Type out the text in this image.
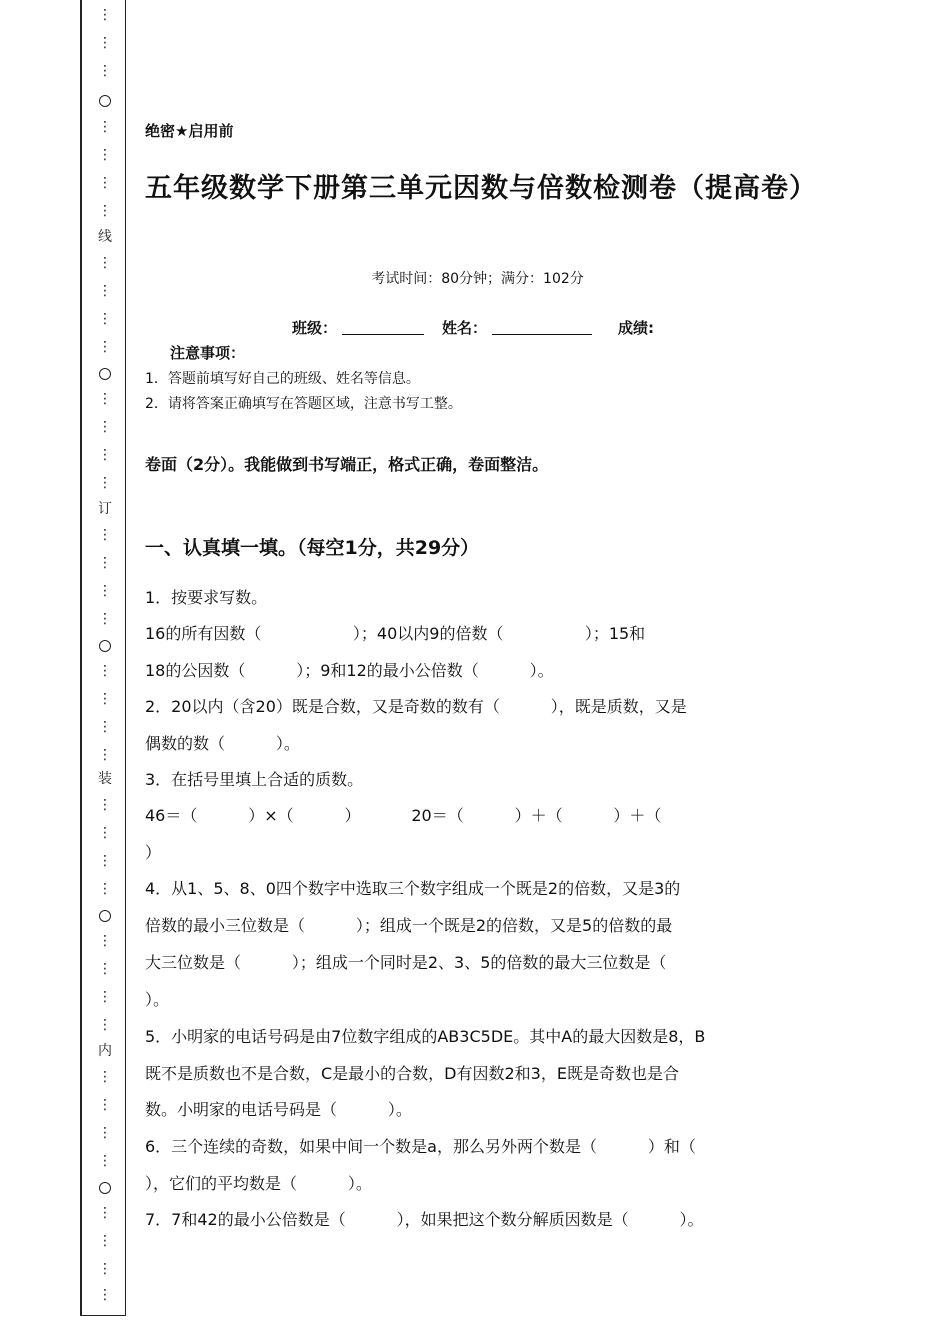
⋮
⋮
⋮
⋮
⋮
⋮
⋮
线
⋮
⋮
⋮
⋮
⋮
⋮
⋮
⋮
订
⋮
⋮
⋮
⋮
⋮
⋮
⋮
⋮
装
⋮
⋮
⋮
⋮
⋮
⋮
⋮
⋮
内
⋮
⋮
⋮
⋮
⋮
⋮
⋮
⋮
绝密★启用前
五年级数学下册第三单元因数与倍数检测卷（提高卷）
考试时间：80分钟；满分：102分
班级：	姓名：	成绩:
注意事项：
1．答题前填写好自己的班级、姓名等信息。
2．请将答案正确填写在答题区域，注意书写工整。
卷面（2分）。我能做到书写端正，格式正确，卷面整洁。
一、认真填一填。（每空1分，共29分）
1．按要求写数。
16的所有因数（                  ）；40以内9的倍数（                ）；15和
18的公因数（          ）；9和12的最小公倍数（          ）。
2．20以内（含20）既是合数，又是奇数的数有（          ），既是质数，又是
偶数的数（          ）。
3．在括号里填上合适的质数。
46＝（          ）×（          ）          20＝（          ）＋（          ）＋（
）
4．从1、5、8、0四个数字中选取三个数字组成一个既是2的倍数，又是3的
倍数的最小三位数是（          ）；组成一个既是2的倍数，又是5的倍数的最
大三位数是（          ）；组成一个同时是2、3、5的倍数的最大三位数是（
）。
5．小明家的电话号码是由7位数字组成的AB3C5DE。其中A的最大因数是8，B
既不是质数也不是合数，C是最小的合数，D有因数2和3，E既是奇数也是合
数。小明家的电话号码是（          ）。
6．三个连续的奇数，如果中间一个数是a，那么另外两个数是（          ）和（
），它们的平均数是（          ）。
7．7和42的最小公倍数是（          ），如果把这个数分解质因数是（          ）。
